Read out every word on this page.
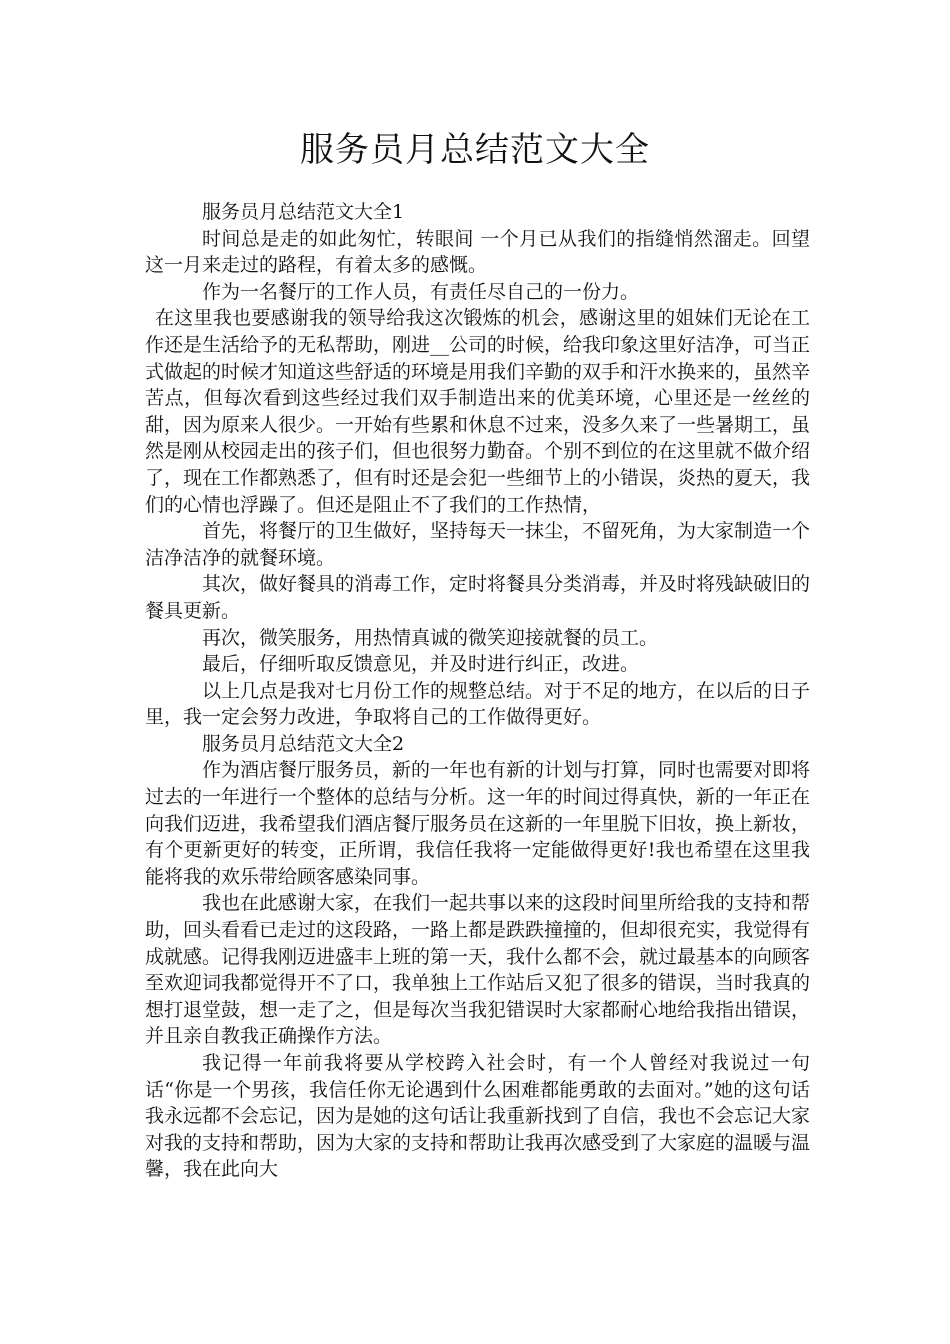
服务员月总结范文大全

服务员月总结范文大全1

时间总是走的如此匆忙，转眼间 一个月已从我们的指缝悄然溜走。回望这一月来走过的路程，有着太多的感慨。

作为一名餐厅的工作人员，有责任尽自己的一份力。

在这里我也要感谢我的领导给我这次锻炼的机会，感谢这里的姐妹们无论在工作还是生活给予的无私帮助，刚进__公司的时候，给我印象这里好洁净，可当正式做起的时候才知道这些舒适的环境是用我们辛勤的双手和汗水换来的，虽然辛苦点，但每次看到这些经过我们双手制造出来的优美环境，心里还是一丝丝的甜，因为原来人很少。一开始有些累和休息不过来，没多久来了一些暑期工，虽然是刚从校园走出的孩子们，但也很努力勤奋。个别不到位的在这里就不做介绍了，现在工作都熟悉了，但有时还是会犯一些细节上的小错误，炎热的夏天，我们的心情也浮躁了。但还是阻止不了我们的工作热情，

首先，将餐厅的卫生做好，坚持每天一抹尘，不留死角，为大家制造一个洁净洁净的就餐环境。

其次，做好餐具的消毒工作，定时将餐具分类消毒，并及时将残缺破旧的餐具更新。

再次，微笑服务，用热情真诚的微笑迎接就餐的员工。

最后，仔细听取反馈意见，并及时进行纠正，改进。

以上几点是我对七月份工作的规整总结。对于不足的地方，在以后的日子里，我一定会努力改进，争取将自己的工作做得更好。

服务员月总结范文大全2

作为酒店餐厅服务员，新的一年也有新的计划与打算，同时也需要对即将过去的一年进行一个整体的总结与分析。这一年的时间过得真快，新的一年正在向我们迈进，我希望我们酒店餐厅服务员在这新的一年里脱下旧妆，换上新妆，有个更新更好的转变，正所谓，我信任我将一定能做得更好!我也希望在这里我能将我的欢乐带给顾客感染同事。

我也在此感谢大家，在我们一起共事以来的这段时间里所给我的支持和帮助，回头看看已走过的这段路，一路上都是跌跌撞撞的，但却很充实，我觉得有成就感。记得我刚迈进盛丰上班的第一天，我什么都不会，就过最基本的向顾客至欢迎词我都觉得开不了口，我单独上工作站后又犯了很多的错误，当时我真的想打退堂鼓，想一走了之，但是每次当我犯错误时大家都耐心地给我指出错误，并且亲自教我正确操作方法。

我记得一年前我将要从学校跨入社会时，有一个人曾经对我说过一句话“你是一个男孩，我信任你无论遇到什么困难都能勇敢的去面对。”她的这句话我永远都不会忘记，因为是她的这句话让我重新找到了自信，我也不会忘记大家对我的支持和帮助，因为大家的支持和帮助让我再次感受到了大家庭的温暖与温馨，我在此向大
